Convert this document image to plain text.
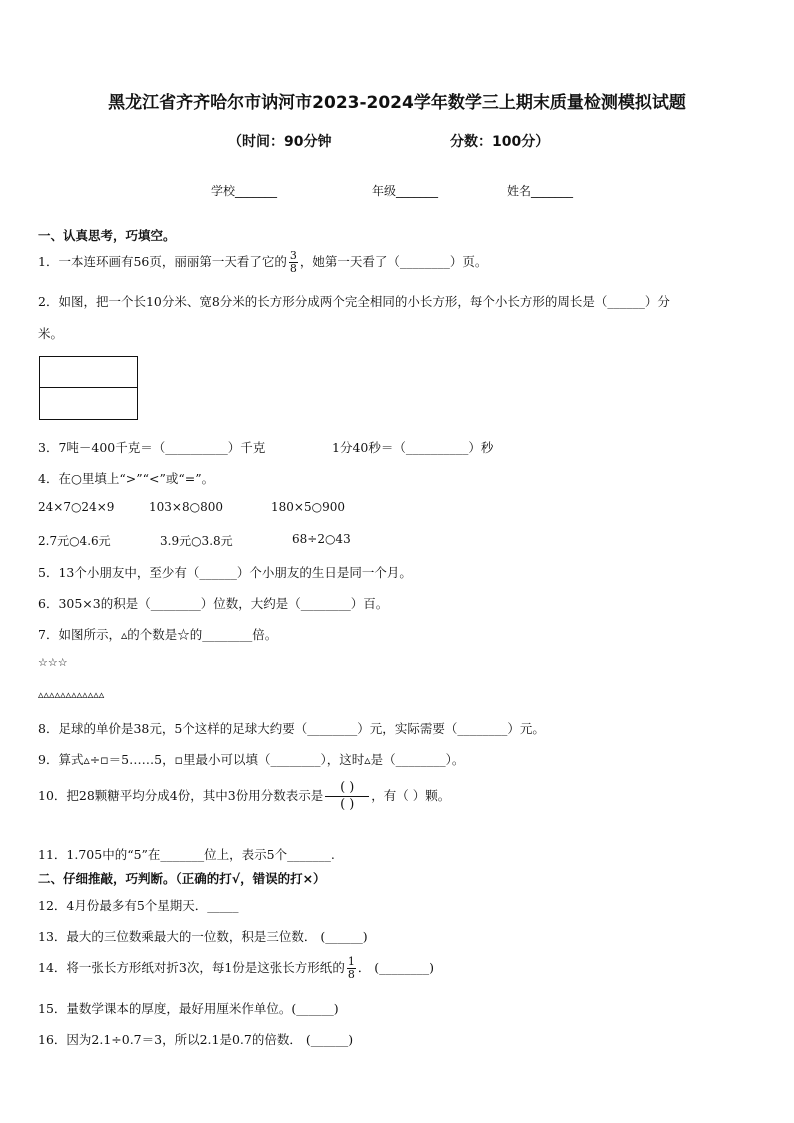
黑龙江省齐齐哈尔市讷河市2023-2024学年数学三上期末质量检测模拟试题
（时间：90分钟	分数：100分）
学校_______	年级_______	姓名_______
一、认真思考，巧填空。
1．一本连环画有56页，丽丽第一天看了它的 $\frac{3}{8}$ ，她第一天看了（________）页。
2．如图，把一个长10分米、宽8分米的长方形分成两个完全相同的小长方形，每个小长方形的周长是（______）分
米。
3．7吨－400千克＝（__________）千克	1分40秒＝（__________）秒
4．在○里填上“>”“<”或“=”。
24×7○24×9	103×8○800	180×5○900
2.7元○4.6元	3.9元○3.8元	68÷2○43
5．13个小朋友中，至少有（______）个小朋友的生日是同一个月。
6．305×3的积是（________）位数，大约是（________）百。
7．如图所示，▵的个数是☆的________倍。
☆☆☆
▵▵▵▵▵▵▵▵▵▵▵▵
8．足球的单价是38元，5个这样的足球大约要（________）元，实际需要（________）元。
9．算式▵÷▫＝5……5，▫里最小可以填（________），这时▵是（________）。
10．把28颗糖平均分成4份，其中3份用分数表示是 $\frac{( )}{( )}$ ，有（ ）颗。
11．1.705中的“5”在_______位上，表示5个_______.
二、仔细推敲，巧判断。（正确的打√，错误的打×）
12．4月份最多有5个星期天．_____
13．最大的三位数乘最大的一位数，积是三位数． (______)
14．将一张长方形纸对折3次，每1份是这张长方形纸的 $\frac{1}{8}$ ． (________)
15．量数学课本的厚度，最好用厘米作单位。(______)
16．因为2.1÷0.7＝3，所以2.1是0.7的倍数． (______)
